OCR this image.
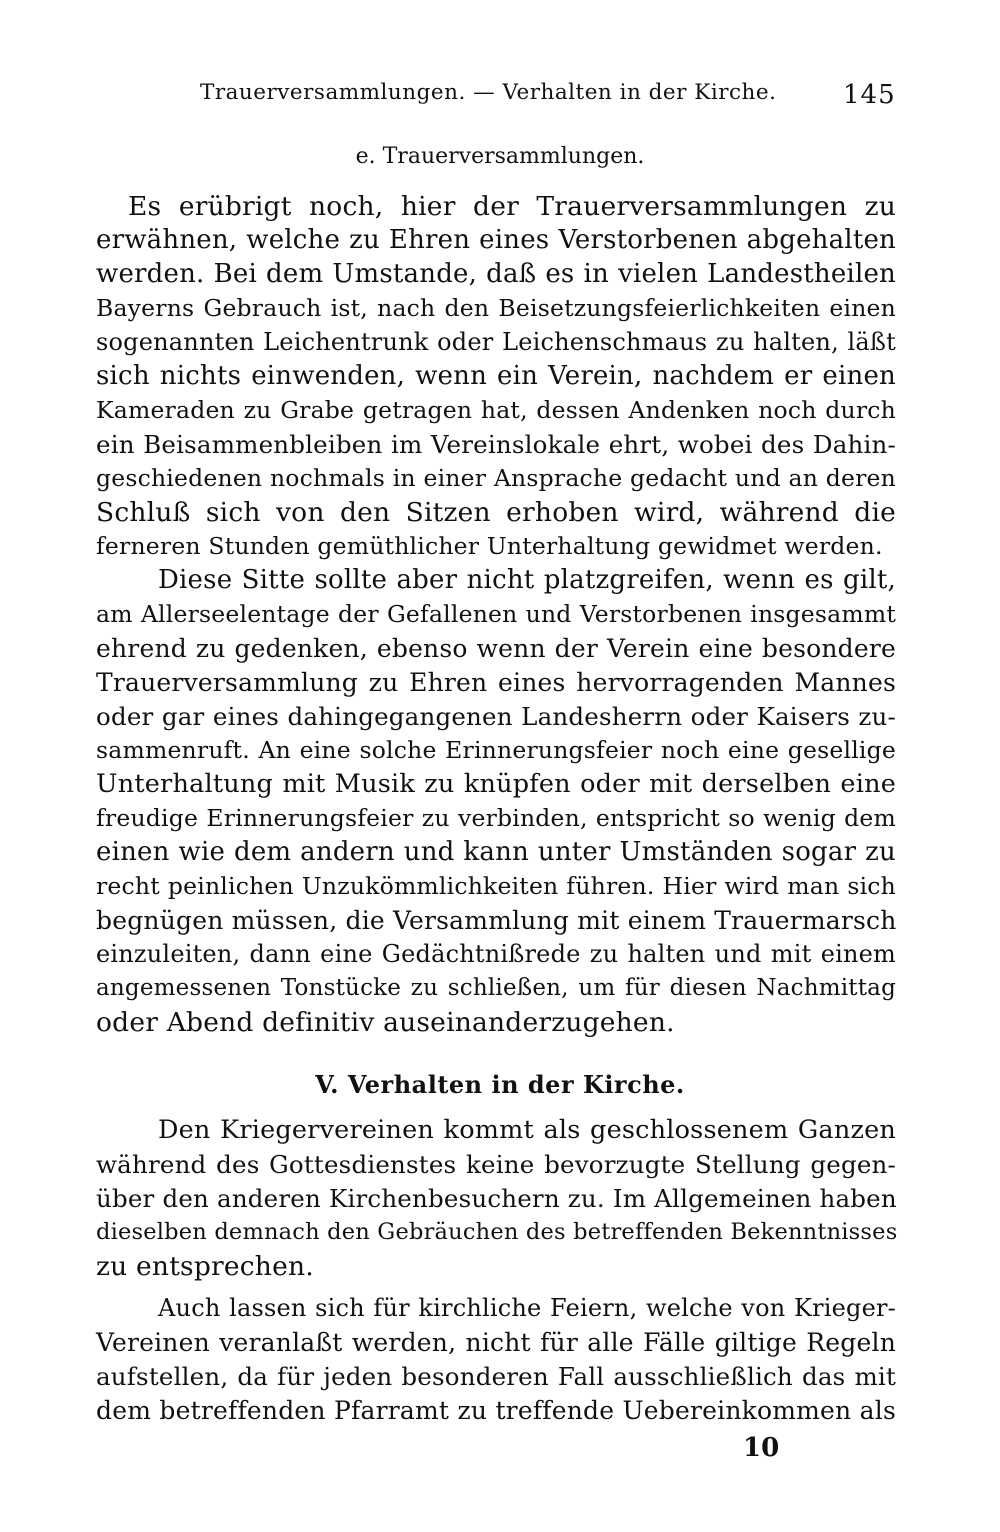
Trauerversammlungen. — Verhalten in der Kirche.	145
e. Trauerversammlungen.
Es erübrigt noch, hier der Trauerversammlungen zu
erwähnen, welche zu Ehren eines Verstorbenen abgehalten
werden. Bei dem Umstande, daß es in vielen Landestheilen
Bayerns Gebrauch ist, nach den Beisetzungsfeierlichkeiten einen
sogenannten Leichentrunk oder Leichenschmaus zu halten, läßt
sich nichts einwenden, wenn ein Verein, nachdem er einen
Kameraden zu Grabe getragen hat, dessen Andenken noch durch
ein Beisammenbleiben im Vereinslokale ehrt, wobei des Dahin-
geschiedenen nochmals in einer Ansprache gedacht und an deren
Schluß sich von den Sitzen erhoben wird, während die
ferneren Stunden gemüthlicher Unterhaltung gewidmet werden.
Diese Sitte sollte aber nicht platzgreifen, wenn es gilt,
am Allerseelentage der Gefallenen und Verstorbenen insgesammt
ehrend zu gedenken, ebenso wenn der Verein eine besondere
Trauerversammlung zu Ehren eines hervorragenden Mannes
oder gar eines dahingegangenen Landesherrn oder Kaisers zu-
sammenruft. An eine solche Erinnerungsfeier noch eine gesellige
Unterhaltung mit Musik zu knüpfen oder mit derselben eine
freudige Erinnerungsfeier zu verbinden, entspricht so wenig dem
einen wie dem andern und kann unter Umständen sogar zu
recht peinlichen Unzukömmlichkeiten führen. Hier wird man sich
begnügen müssen, die Versammlung mit einem Trauermarsch
einzuleiten, dann eine Gedächtnißrede zu halten und mit einem
angemessenen Tonstücke zu schließen, um für diesen Nachmittag
oder Abend definitiv auseinanderzugehen.
V. Verhalten in der Kirche.
Den Kriegervereinen kommt als geschlossenem Ganzen
während des Gottesdienstes keine bevorzugte Stellung gegen-
über den anderen Kirchenbesuchern zu. Im Allgemeinen haben
dieselben demnach den Gebräuchen des betreffenden Bekenntnisses
zu entsprechen.
Auch lassen sich für kirchliche Feiern, welche von Krieger-
Vereinen veranlaßt werden, nicht für alle Fälle giltige Regeln
aufstellen, da für jeden besonderen Fall ausschließlich das mit
dem betreffenden Pfarramt zu treffende Uebereinkommen als
10
